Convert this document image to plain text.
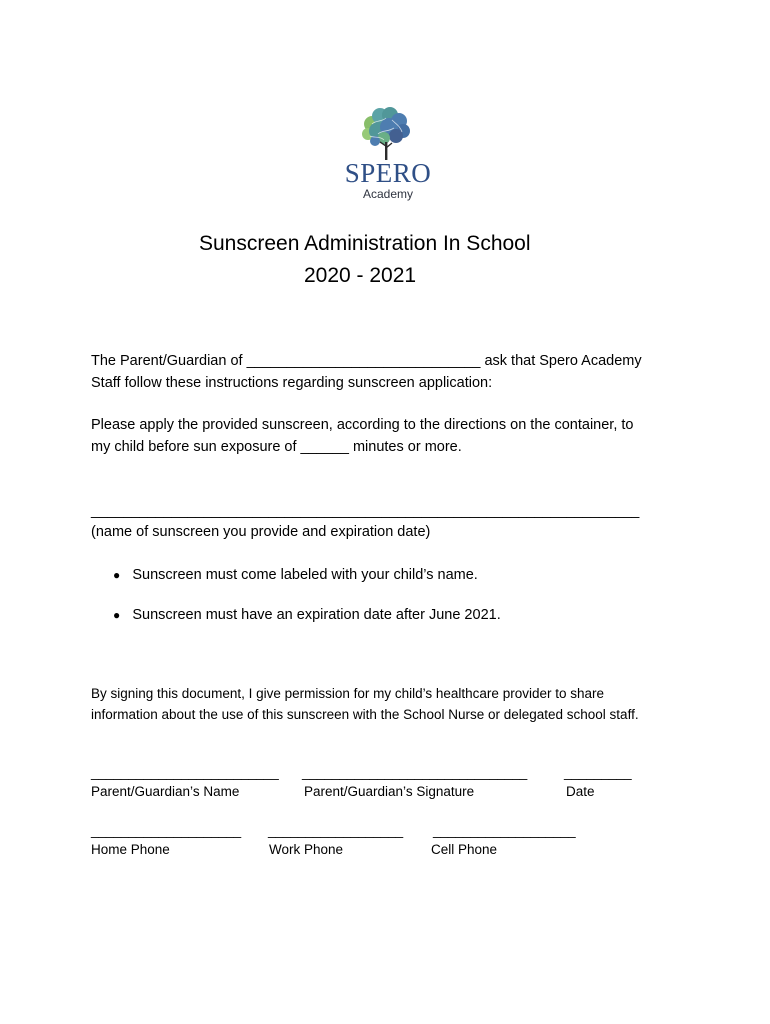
SPERO
Academy
Sunscreen Administration In School
2020 - 2021
The Parent/Guardian of _____________________________ ask that Spero Academy
Staff follow these instructions regarding sunscreen application:
Please apply the provided sunscreen, according to the directions on the container, to
my child before sun exposure of ______ minutes or more.
____________________________________________________________________
(name of sunscreen you provide and expiration date)
● Sunscreen must come labeled with your child’s name.
● Sunscreen must have an expiration date after June 2021.
By signing this document, I give permission for my child’s healthcare provider to share
information about the use of this sunscreen with the School Nurse or delegated school staff.
_________________________ ______________________________	_________
Parent/Guardian’s Name	Parent/Guardian’s Signature	Date
____________________ __________________ ___________________
Home Phone	Work Phone	Cell Phone
